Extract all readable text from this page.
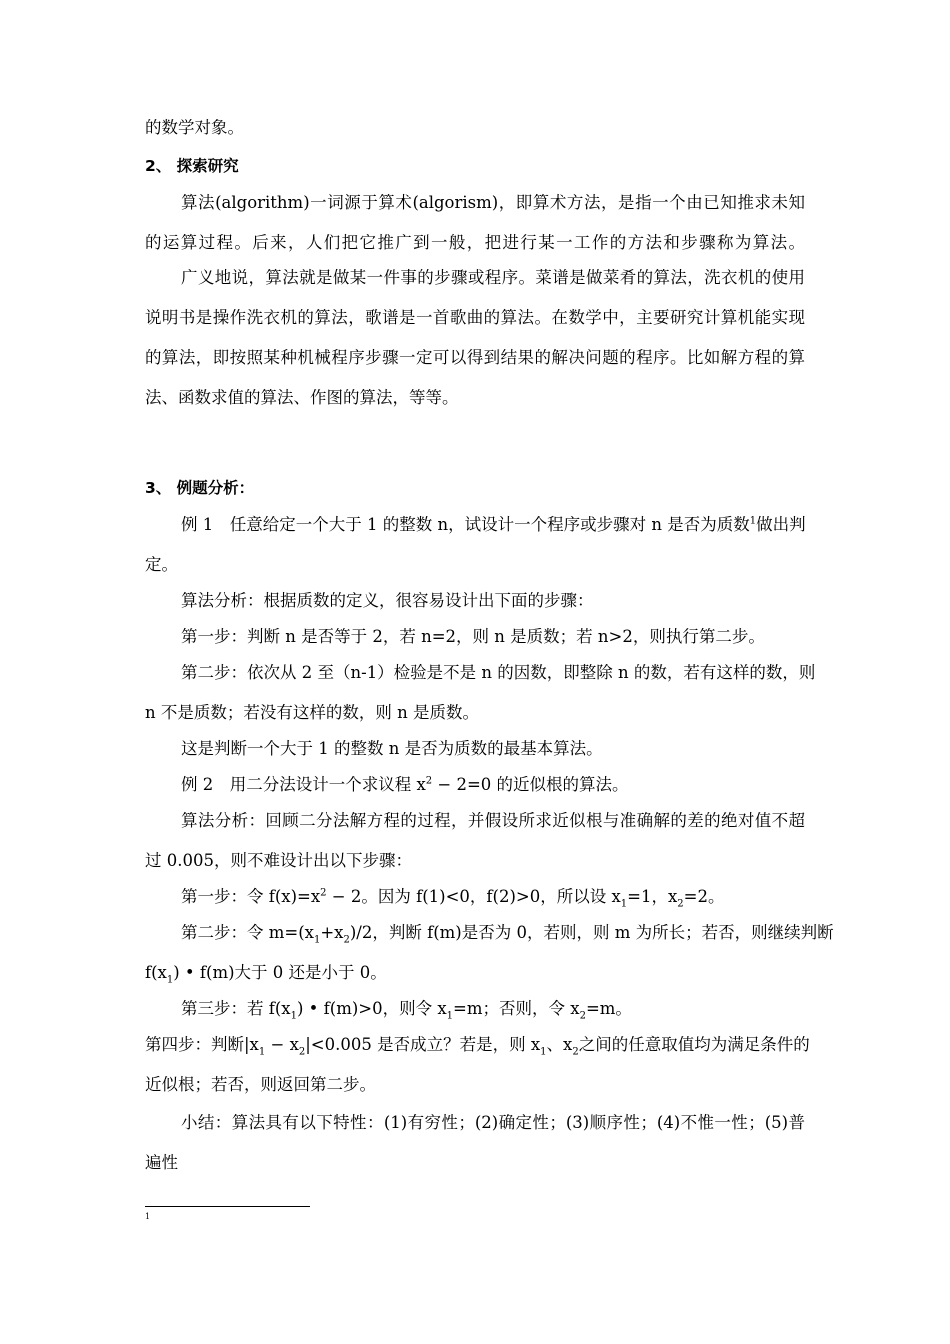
的数学对象。
2、 探索研究
算法(algorithm)一词源于算术(algorism)，即算术方法，是指一个由已知推求未知
的运算过程。后来，人们把它推广到一般，把进行某一工作的方法和步骤称为算法。
广义地说，算法就是做某一件事的步骤或程序。菜谱是做菜肴的算法，洗衣机的使用
说明书是操作洗衣机的算法，歌谱是一首歌曲的算法。在数学中，主要研究计算机能实现
的算法，即按照某种机械程序步骤一定可以得到结果的解决问题的程序。比如解方程的算
法、函数求值的算法、作图的算法，等等。
3、 例题分析：
例 1　任意给定一个大于 1 的整数 n，试设计一个程序或步骤对 n 是否为质数$^1$做出判
定。
算法分析：根据质数的定义，很容易设计出下面的步骤：
第一步：判断 n 是否等于 2，若 n=2，则 n 是质数；若 n>2，则执行第二步。
第二步：依次从 2 至（n-1）检验是不是 n 的因数，即整除 n 的数，若有这样的数，则
n 不是质数；若没有这样的数，则 n 是质数。
这是判断一个大于 1 的整数 n 是否为质数的最基本算法。
例 2　用二分法设计一个求议程 $x^2 - 2=0$ 的近似根的算法。
算法分析：回顾二分法解方程的过程，并假设所求近似根与准确解的差的绝对值不超
过 0.005，则不难设计出以下步骤：
第一步：令 $f(x)=x^2 - 2$。因为 f(1)<0，f(2)>0，所以设 $x_1=1$，$x_2=2$。
第二步：令 $m=(x_1+x_2)/2$，判断 f(m)是否为 0，若则，则 m 为所长；若否，则继续判断
$f(x_1)$ • f(m)大于 0 还是小于 0。
第三步：若 $f(x_1)$ • f(m)>0，则令 $x_1=m$；否则，令 $x_2=m$。
第四步：判断$|x_1 - x_2|<0.005$ 是否成立？若是，则 $x_1$、$x_2$之间的任意取值均为满足条件的
近似根；若否，则返回第二步。
小结：算法具有以下特性：(1)有穷性；(2)确定性；(3)顺序性；(4)不惟一性；(5)普
遍性
1
